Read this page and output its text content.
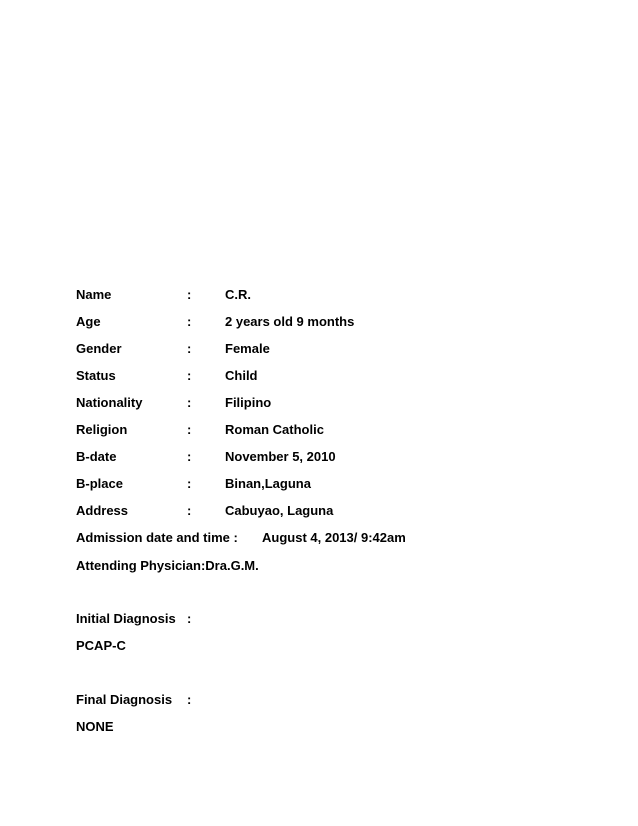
Name	:	C.R.
Age	:	2 years old 9 months
Gender	:	Female
Status	:	Child
Nationality	:	Filipino
Religion	:	Roman Catholic
B-date	:	November 5, 2010
B-place	:	Binan,Laguna
Address	:	Cabuyao, Laguna
Admission date and time : August 4, 2013/ 9:42am
Attending Physician:Dra.G.M.
Initial Diagnosis :
PCAP-C
Final Diagnosis :
NONE
